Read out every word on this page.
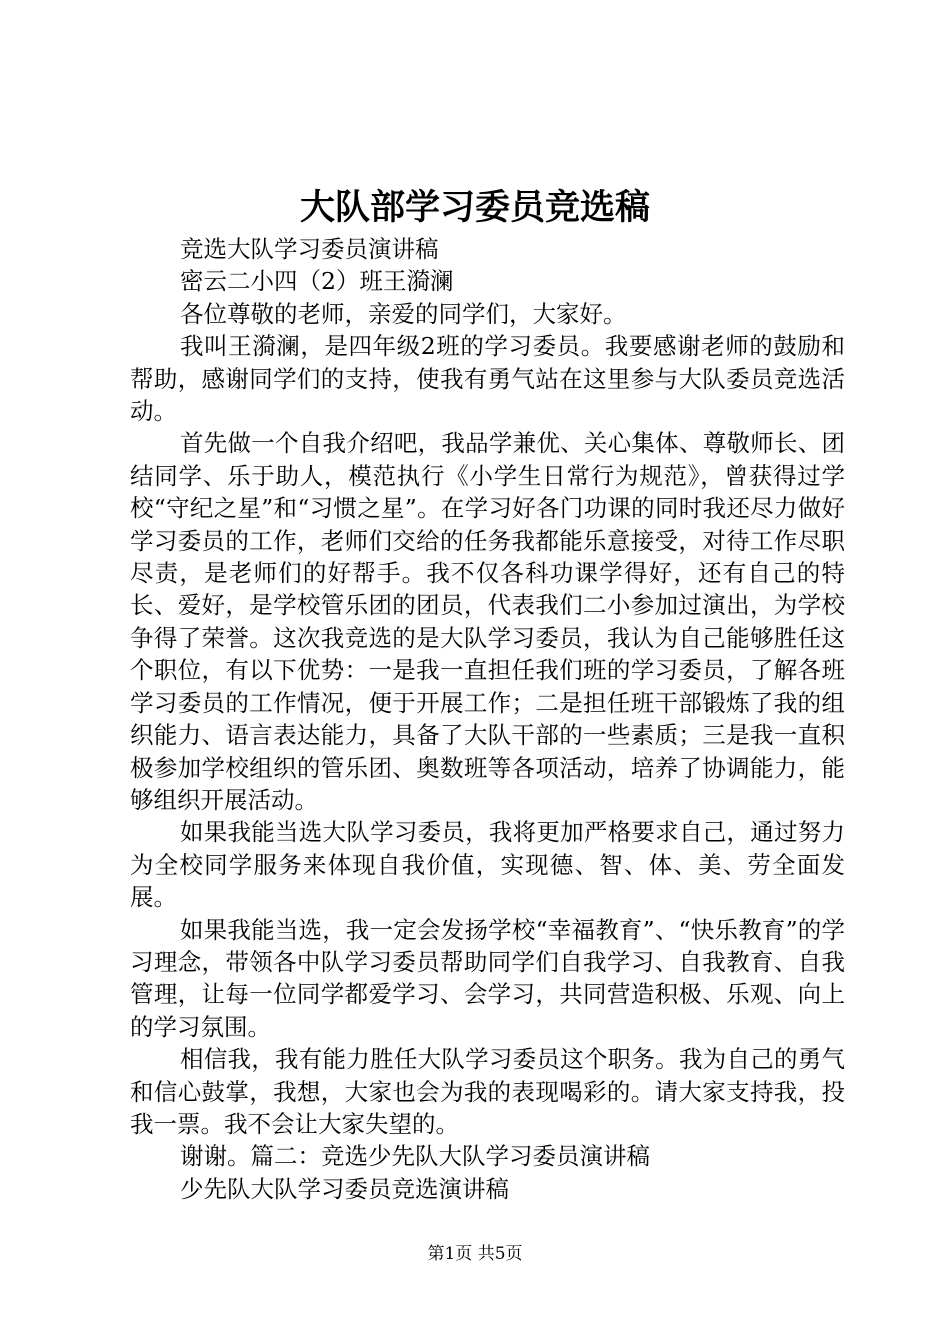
大队部学习委员竞选稿

竞选大队学习委员演讲稿

密云二小四（2）班王漪澜

各位尊敬的老师，亲爱的同学们，大家好。

我叫王漪澜，是四年级2班的学习委员。我要感谢老师的鼓励和帮助，感谢同学们的支持，使我有勇气站在这里参与大队委员竞选活动。

首先做一个自我介绍吧，我品学兼优、关心集体、尊敬师长、团结同学、乐于助人，模范执行《小学生日常行为规范》，曾获得过学校“守纪之星”和“习惯之星”。在学习好各门功课的同时我还尽力做好学习委员的工作，老师们交给的任务我都能乐意接受，对待工作尽职尽责，是老师们的好帮手。我不仅各科功课学得好，还有自己的特长、爱好，是学校管乐团的团员，代表我们二小参加过演出，为学校争得了荣誉。这次我竞选的是大队学习委员，我认为自己能够胜任这个职位，有以下优势：一是我一直担任我们班的学习委员，了解各班学习委员的工作情况，便于开展工作；二是担任班干部锻炼了我的组织能力、语言表达能力，具备了大队干部的一些素质；三是我一直积极参加学校组织的管乐团、奥数班等各项活动，培养了协调能力，能够组织开展活动。

如果我能当选大队学习委员，我将更加严格要求自己，通过努力为全校同学服务来体现自我价值，实现德、智、体、美、劳全面发展。

如果我能当选，我一定会发扬学校“幸福教育”、“快乐教育”的学习理念，带领各中队学习委员帮助同学们自我学习、自我教育、自我管理，让每一位同学都爱学习、会学习，共同营造积极、乐观、向上的学习氛围。

相信我，我有能力胜任大队学习委员这个职务。我为自己的勇气和信心鼓掌，我想，大家也会为我的表现喝彩的。请大家支持我，投我一票。我不会让大家失望的。

谢谢。篇二：竞选少先队大队学习委员演讲稿

少先队大队学习委员竞选演讲稿

第1页 共5页
